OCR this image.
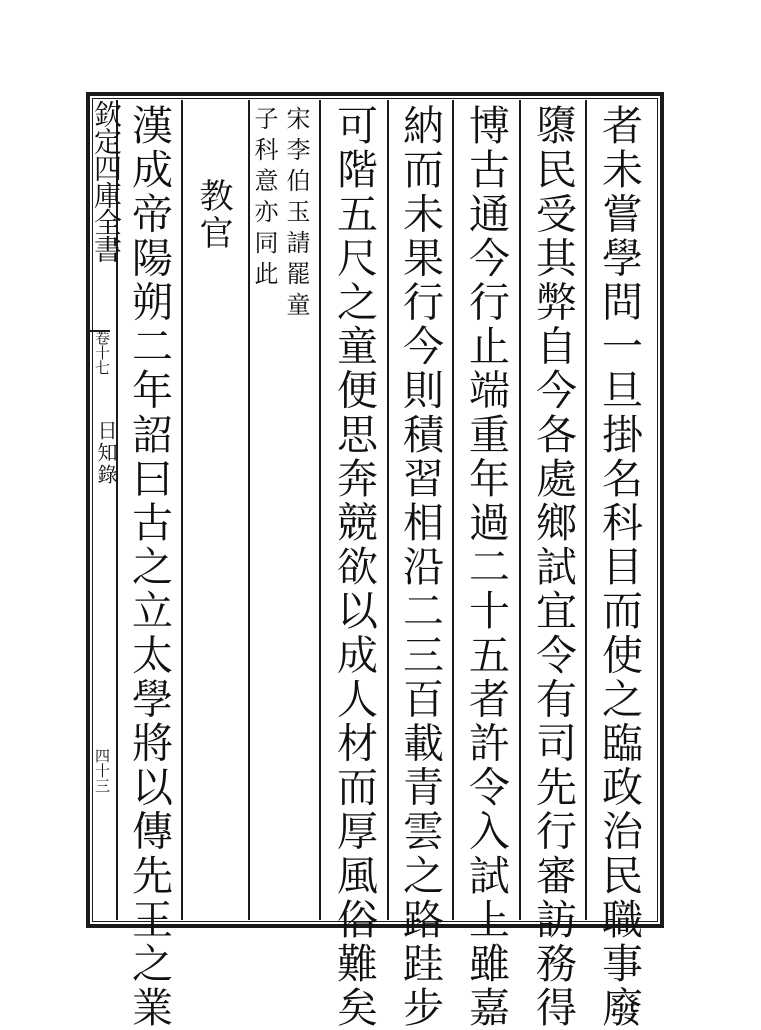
欽定四庫全書
卷十七
日知錄
四十三	者未嘗學問一旦掛名科目而使之臨政治民職事廢
隳民受其弊自今各處鄉試宜令有司先行審訪務得
博古通今行止端重年過二十五者許令入試上雖嘉
納而未果行今則積習相沿二三百載青雲之路跬步
可階五尺之童便思奔競欲以成人材而厚風俗難矣
宋李伯玉請罷童
子科意亦同此
教官
漢成帝陽朔二年詔曰古之立太學將以傳先王之業
